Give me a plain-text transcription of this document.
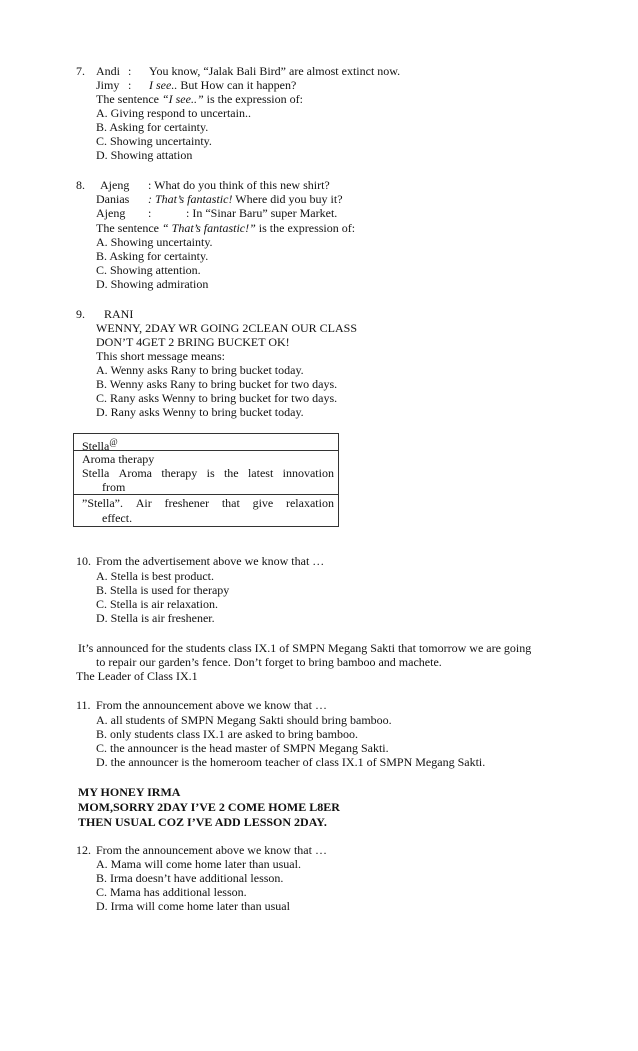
7. Andi : You know, “Jalak Bali Bird” are almost extinct now.
Jimy : I see.. But How can it happen?
The sentence “I see..” is the expression of:
A. Giving respond to uncertain..
B. Asking for certainty.
C. Showing uncertainty.
D. Showing attation
8. Ajeng : What do you think of this new shirt?
Danias : That’s fantastic! Where did you buy it?
Ajeng :	: In “Sinar Baru” super Market.
The sentence “ That’s fantastic!” is the expression of:
A. Showing uncertainty.
B. Asking for certainty.
C. Showing attention.
D. Showing admiration
9. RANI
WENNY, 2DAY WR GOING 2CLEAN OUR CLASS
DON’T 4GET 2 BRING BUCKET OK!
This short message means:
A. Wenny asks Rany to bring bucket today.
B. Wenny asks Rany to bring bucket for two days.
C. Rany asks Wenny to bring bucket for two days.
D. Rany asks Wenny to bring bucket today.
Stella@
Aroma therapy
Stella Aroma therapy is the latest innovation
from
”Stella”. Air freshener that give relaxation
effect.
10. From the advertisement above we know that …
A. Stella is best product.
B. Stella is used for therapy
C. Stella is air relaxation.
D. Stella is air freshener.
It’s announced for the students class IX.1 of SMPN Megang Sakti that tomorrow we are going
to repair our garden’s fence. Don’t forget to bring bamboo and machete.
The Leader of Class IX.1
11. From the announcement above we know that …
A. all students of SMPN Megang Sakti should bring bamboo.
B. only students class IX.1 are asked to bring bamboo.
C. the announcer is the head master of SMPN Megang Sakti.
D. the announcer is the homeroom teacher of class IX.1 of SMPN Megang Sakti.
MY HONEY IRMA
MOM,SORRY 2DAY I’VE 2 COME HOME L8ER
THEN USUAL COZ I’VE ADD LESSON 2DAY.
12. From the announcement above we know that …
A. Mama will come home later than usual.
B. Irma doesn’t have additional lesson.
C. Mama has additional lesson.
D. Irma will come home later than usual
